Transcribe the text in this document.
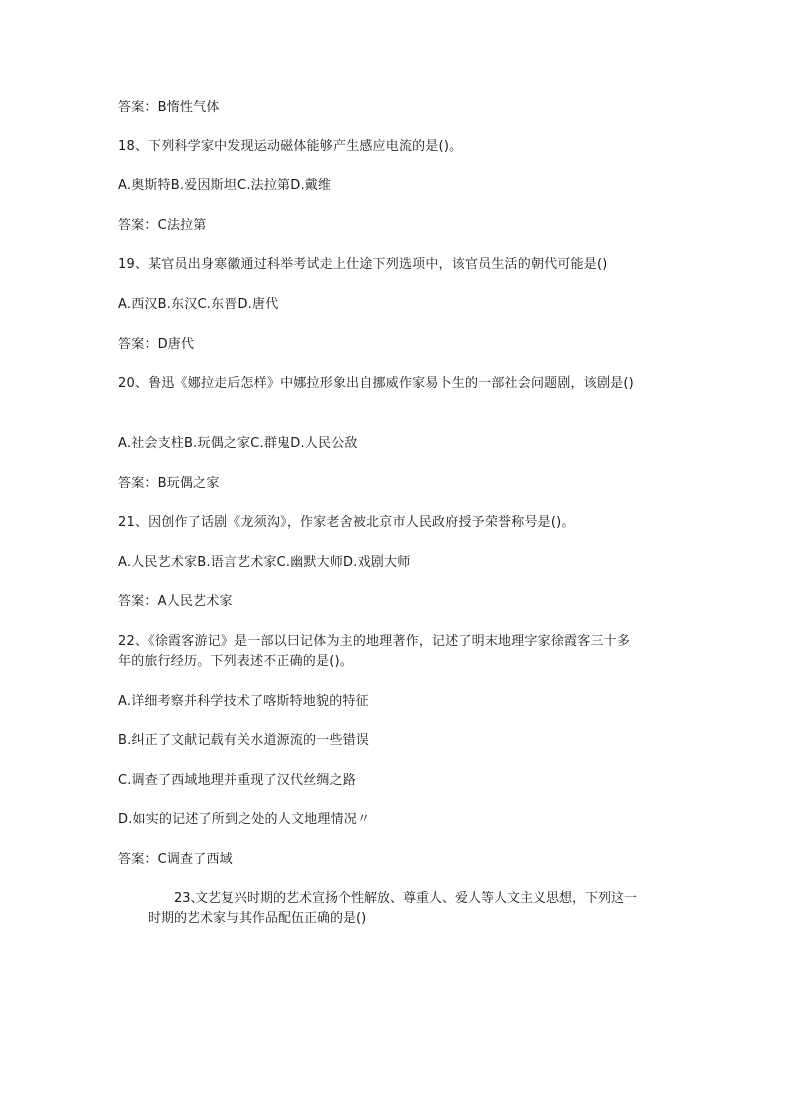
答案：B惰性气体
18、下列科学家中发现运动磁体能够产生感应电流的是()。
A.奥斯特B.爱因斯坦C.法拉第D.戴维
答案：C法拉第
19、某官员出身寒徽通过科举考试走上仕途下列选项中，该官员生活的朝代可能是()
A.西汉B.东汉C.东晋D.唐代
答案：D唐代
20、鲁迅《娜拉走后怎样》中娜拉形象出自挪威作家易卜生的一部社会问题剧，该剧是()
A.社会支柱B.玩偶之家C.群鬼D.人民公敌
答案：B玩偶之家
21、因创作了话剧《龙须沟》，作家老舍被北京市人民政府授予荣誉称号是()。
A.人民艺术家B.语言艺术家C.幽默大师D.戏剧大师
答案：A人民艺术家
22、《徐霞客游记》是一部以曰记体为主的地理著作，记述了明末地理字家徐霞客三十多
年的旅行经历。下列表述不正确的是()。
A.详细考察并科学技术了喀斯特地貌的特征
B.纠正了文献记载有关水道源流的一些错误
C.调查了西域地理并重现了汉代丝绸之路
D.如实的记述了所到之处的人文地理情况〃
答案：C调查了西域
23、
文艺复兴时期的艺术宣扬个性解放、尊重人、爱人等人文主义思想，下列这一
时期的艺术家与其作品配伍正确的是()
